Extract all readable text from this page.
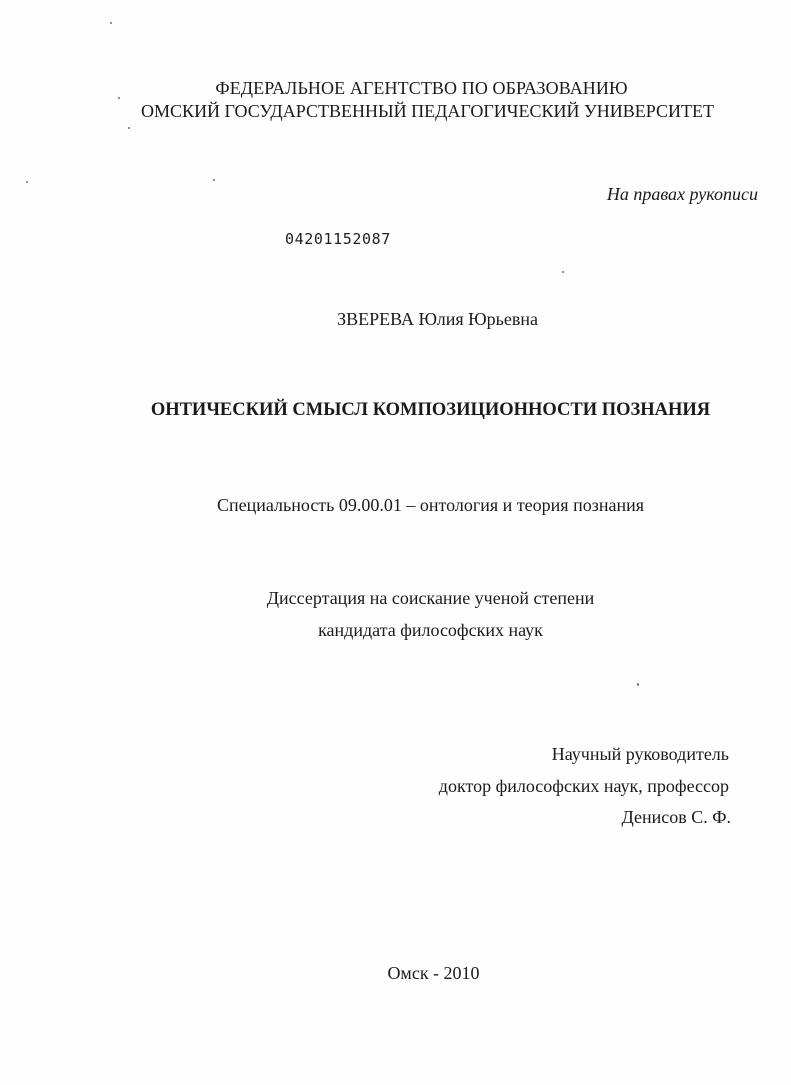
ФЕДЕРАЛЬНОЕ АГЕНТСТВО ПО ОБРАЗОВАНИЮ
ОМСКИЙ ГОСУДАРСТВЕННЫЙ ПЕДАГОГИЧЕСКИЙ УНИВЕРСИТЕТ
На правах рукописи
04201152087
ЗВЕРЕВА Юлия Юрьевна
ОНТИЧЕСКИЙ СМЫСЛ КОМПОЗИЦИОННОСТИ ПОЗНАНИЯ
Специальность 09.00.01 – онтология и теория познания
Диссертация на соискание ученой степени
кандидата философских наук
Научный руководитель
доктор философских наук, профессор
Денисов С. Ф.
Омск - 2010
